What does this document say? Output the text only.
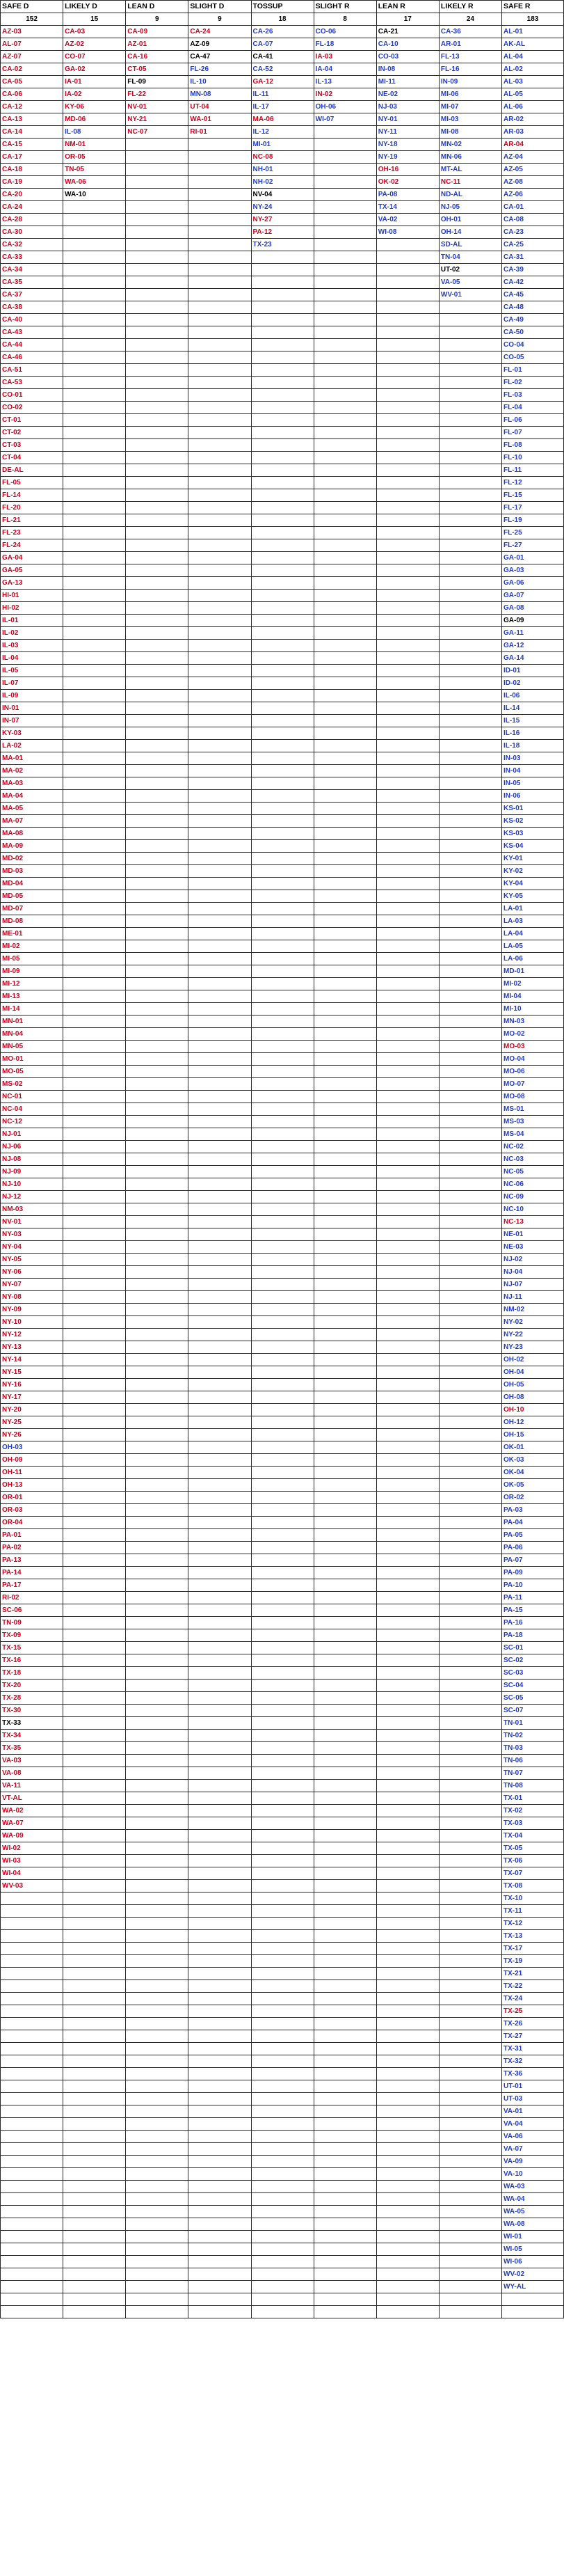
SAFE D	LIKELY D	LEAN D	SLIGHT D	TOSSUP	SLIGHT R	LEAN R	LIKELY R	SAFE R
152	15	9	9	18	8	17	24	183
AZ-03	CA-03	CA-09	CA-24	CA-26	CO-06	CA-21	CA-36	AL-01
AL-07	AZ-02	AZ-01	AZ-09	CA-07	FL-18	CA-10	AR-01	AK-AL
AZ-07	CO-07	CA-16	CA-47	CA-41	IA-03	CO-03	FL-13	AL-04
CA-02	GA-02	CT-05	FL-26	CA-52	IA-04	IN-08	FL-16	AL-02
CA-05	IA-01	FL-09	IL-10	GA-12	IL-13	MI-11	IN-09	AL-03
CA-06	IA-02	FL-22	MN-08	IL-11	IN-02	NE-02	MI-06	AL-05
CA-12	KY-06	NV-01	UT-04	IL-17	OH-06	NJ-03	MI-07	AL-06
CA-13	MD-06	NY-21	WA-01	MA-06	WI-07	NY-01	MI-03	AR-02
CA-14	IL-08	NC-07	RI-01	IL-12		NY-11	MI-08	AR-03
CA-15	NM-01			MI-01		NY-18	MN-02	AR-04
CA-17	OR-05			NC-08		NY-19	MN-06	AZ-04
CA-18	TN-05			NH-01		OH-16	MT-AL	AZ-05
CA-19	WA-06			NH-02		OK-02	NC-11	AZ-08
CA-20	WA-10			NV-04		PA-08	ND-AL	AZ-06
CA-24				NY-24		TX-14	NJ-05	CA-01
CA-28				NY-27		VA-02	OH-01	CA-08
CA-30				PA-12		WI-08	OH-14	CA-23
CA-32				TX-23			SD-AL	CA-25
CA-33							TN-04	CA-31
CA-34							UT-02	CA-39
CA-35							VA-05	CA-42
CA-37							WV-01	CA-45
CA-38								CA-48
CA-40								CA-49
CA-43								CA-50
CA-44								CO-04
CA-46								CO-05
CA-51								FL-01
CA-53								FL-02
CO-01								FL-03
CO-02								FL-04
CT-01								FL-06
CT-02								FL-07
CT-03								FL-08
CT-04								FL-10
DE-AL								FL-11
FL-05								FL-12
FL-14								FL-15
FL-20								FL-17
FL-21								FL-19
FL-23								FL-25
FL-24								FL-27
GA-04								GA-01
GA-05								GA-03
GA-13								GA-06
HI-01								GA-07
HI-02								GA-08
IL-01								GA-09
IL-02								GA-11
IL-03								GA-12
IL-04								GA-14
IL-05								ID-01
IL-07								ID-02
IL-09								IL-06
IN-01								IL-14
IN-07								IL-15
KY-03								IL-16
LA-02								IL-18
MA-01								IN-03
MA-02								IN-04
MA-03								IN-05
MA-04								IN-06
MA-05								KS-01
MA-07								KS-02
MA-08								KS-03
MA-09								KS-04
MD-02								KY-01
MD-03								KY-02
MD-04								KY-04
MD-05								KY-05
MD-07								LA-01
MD-08								LA-03
ME-01								LA-04
MI-02								LA-05
MI-05								LA-06
MI-09								MD-01
MI-12								MI-02
MI-13								MI-04
MI-14								MI-10
MN-01								MN-03
MN-04								MO-02
MN-05								MO-03
MO-01								MO-04
MO-05								MO-06
MS-02								MO-07
NC-01								MO-08
NC-04								MS-01
NC-12								MS-03
NJ-01								MS-04
NJ-06								NC-02
NJ-08								NC-03
NJ-09								NC-05
NJ-10								NC-06
NJ-12								NC-09
NM-03								NC-10
NV-01								NC-13
NY-03								NE-01
NY-04								NE-03
NY-05								NJ-02
NY-06								NJ-04
NY-07								NJ-07
NY-08								NJ-11
NY-09								NM-02
NY-10								NY-02
NY-12								NY-22
NY-13								NY-23
NY-14								OH-02
NY-15								OH-04
NY-16								OH-05
NY-17								OH-08
NY-20								OH-10
NY-25								OH-12
NY-26								OH-15
OH-03								OK-01
OH-09								OK-03
OH-11								OK-04
OH-13								OK-05
OR-01								OR-02
OR-03								PA-03
OR-04								PA-04
PA-01								PA-05
PA-02								PA-06
PA-13								PA-07
PA-14								PA-09
PA-17								PA-10
RI-02								PA-11
SC-06								PA-15
TN-09								PA-16
TX-09								PA-18
TX-15								SC-01
TX-16								SC-02
TX-18								SC-03
TX-20								SC-04
TX-28								SC-05
TX-30								SC-07
TX-33								TN-01
TX-34								TN-02
TX-35								TN-03
VA-03								TN-06
VA-08								TN-07
VA-11								TN-08
VT-AL								TX-01
WA-02								TX-02
WA-07								TX-03
WA-09								TX-04
WI-02								TX-05
WI-03								TX-06
WI-04								TX-07
WV-03								TX-08
								TX-10
								TX-11
								TX-12
								TX-13
								TX-17
								TX-19
								TX-21
								TX-22
								TX-24
								TX-25
								TX-26
								TX-27
								TX-31
								TX-32
								TX-36
								UT-01
								UT-03
								VA-01
								VA-04
								VA-06
								VA-07
								VA-09
								VA-10
								WA-03
								WA-04
								WA-05
								WA-08
								WI-01
								WI-05
								WI-06
								WV-02
								WY-AL
